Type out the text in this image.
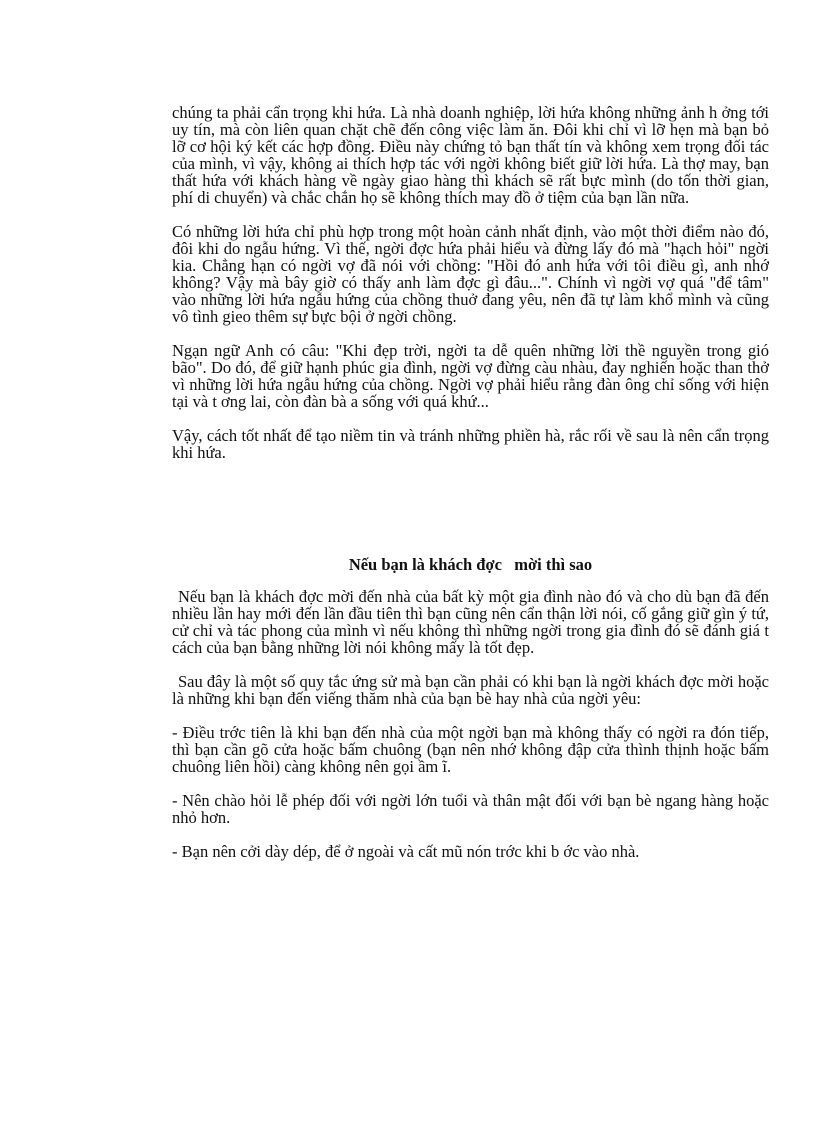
chúng ta phải cẩn trọng khi hứa. Là nhà doanh nghiệp, lời hứa không những ảnh h ởng tới uy tín, mà còn liên quan chặt chẽ đến công việc làm ăn. Đôi khi chỉ vì lỡ hẹn mà bạn bỏ lỡ cơ hội ký kết các hợp đồng. Điều này chứng tỏ bạn thất tín và không xem trọng đối tác của mình, vì vậy, không ai thích hợp tác với ngời không biết giữ lời hứa. Là thợ may, bạn thất hứa với khách hàng về ngày giao hàng thì khách sẽ rất bực mình (do tốn thời gian, phí di chuyển) và chắc chắn họ sẽ không thích may đồ ở tiệm của bạn lần nữa.

Có những lời hứa chỉ phù hợp trong một hoàn cảnh nhất định, vào một thời điểm nào đó, đôi khi do ngẫu hứng. Vì thế, ngời đợc hứa phải hiểu và đừng lấy đó mà "hạch hỏi" ngời kia. Chẳng hạn có ngời vợ đã nói với chồng: "Hồi đó anh hứa với tôi điều gì, anh nhớ không? Vậy mà bây giờ có thấy anh làm đợc gì đâu...". Chính vì ngời vợ quá "để tâm" vào những lời hứa ngẫu hứng của chồng thuở đang yêu, nên đã tự làm khổ mình và cũng vô tình gieo thêm sự bực bội ở ngời chồng.

Ngạn ngữ Anh có câu: "Khi đẹp trời, ngời ta dễ quên những lời thề nguyền trong gió bão". Do đó, để giữ hạnh phúc gia đình, ngời vợ đừng càu nhàu, đay nghiến hoặc than thở vì những lời hứa ngẫu hứng của chồng. Ngời vợ phải hiểu rằng đàn ông chỉ sống với hiện tại và t ơng lai, còn đàn bà a sống với quá khứ...

Vậy, cách tốt nhất để tạo niềm tin và tránh những phiền hà, rắc rối về sau là nên cẩn trọng khi hứa.

Nếu bạn là khách đợc   mời thì sao

Nếu bạn là khách đợc mời đến nhà của bất kỳ một gia đình nào đó và cho dù bạn đã đến nhiều lần hay mới đến lần đầu tiên thì bạn cũng nên cẩn thận lời nói, cố gắng giữ gìn ý tứ, cử chỉ và tác phong của mình vì nếu không thì những ngời trong gia đình đó sẽ đánh giá t cách của bạn bằng những lời nói không mấy là tốt đẹp.

Sau đây là một số quy tắc ứng sử mà bạn cần phải có khi bạn là ngời khách đợc mời hoặc là những khi bạn đến viếng thăm nhà của bạn bè hay nhà của ngời yêu:

- Điều trớc tiên là khi bạn đến nhà của một ngời bạn mà không thấy có ngời ra đón tiếp, thì bạn cần gõ cửa hoặc bấm chuông (bạn nên nhớ không đập cửa thình thịnh hoặc bấm chuông liên hồi) càng không nên gọi ầm ĩ.

- Nên chào hỏi lễ phép đối với ngời lớn tuổi và thân mật đối với bạn bè ngang hàng hoặc nhỏ hơn.

- Bạn nên cởi dày dép, để ở ngoài và cất mũ nón trớc khi b ớc vào nhà.
